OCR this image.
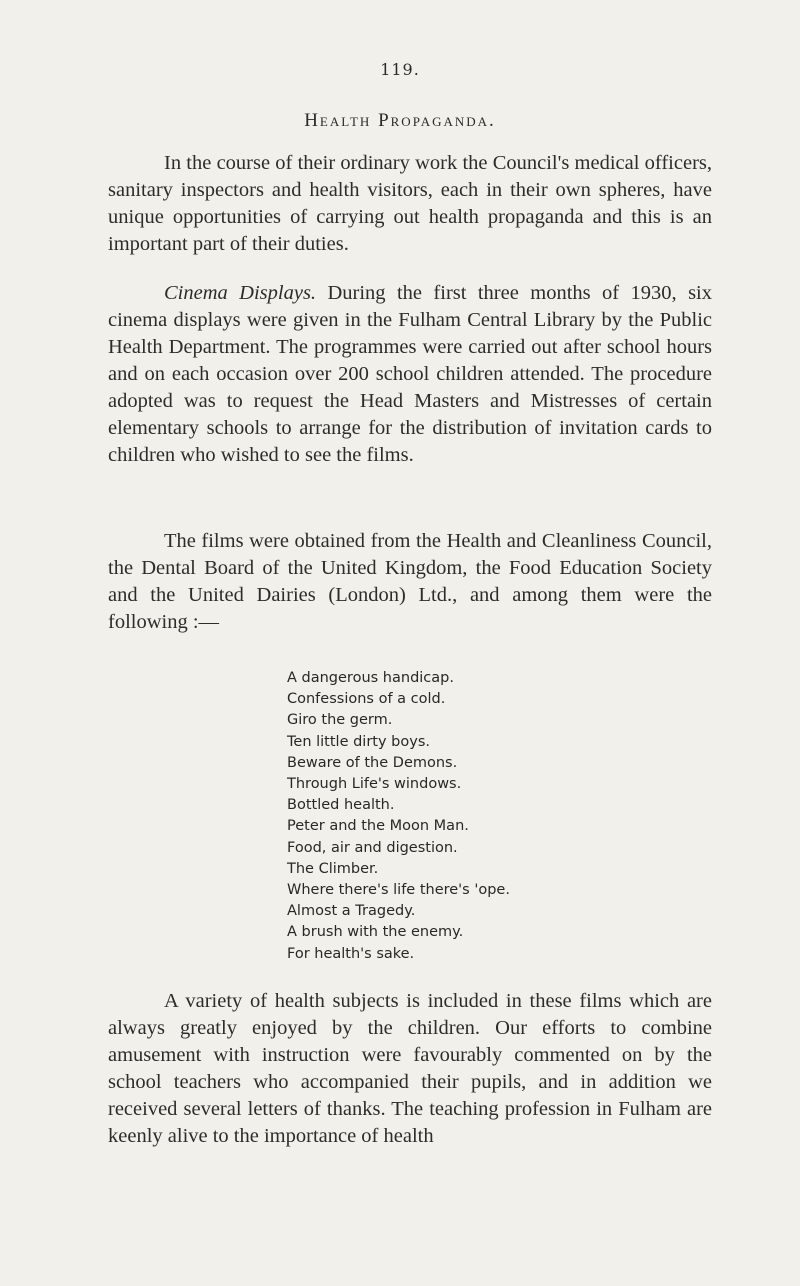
119.
Health Propaganda.

In the course of their ordinary work the Council's medical officers, sanitary inspectors and health visitors, each in their own spheres, have unique opportunities of carrying out health propaganda and this is an important part of their duties.

Cinema Displays. During the first three months of 1930, six cinema displays were given in the Fulham Central Library by the Public Health Department. The programmes were carried out after school hours and on each occasion over 200 school children attended. The procedure adopted was to request the Head Masters and Mistresses of certain elementary schools to arrange for the distribution of invitation cards to children who wished to see the films.

The films were obtained from the Health and Cleanliness Council, the Dental Board of the United Kingdom, the Food Education Society and the United Dairies (London) Ltd., and among them were the following :—

A dangerous handicap.
Confessions of a cold.
Giro the germ.
Ten little dirty boys.
Beware of the Demons.
Through Life's windows.
Bottled health.
Peter and the Moon Man.
Food, air and digestion.
The Climber.
Where there's life there's 'ope.
Almost a Tragedy.
A brush with the enemy.
For health's sake.

A variety of health subjects is included in these films which are always greatly enjoyed by the children. Our efforts to combine amusement with instruction were favourably commented on by the school teachers who accompanied their pupils, and in addition we received several letters of thanks. The teaching profession in Fulham are keenly alive to the importance of health
